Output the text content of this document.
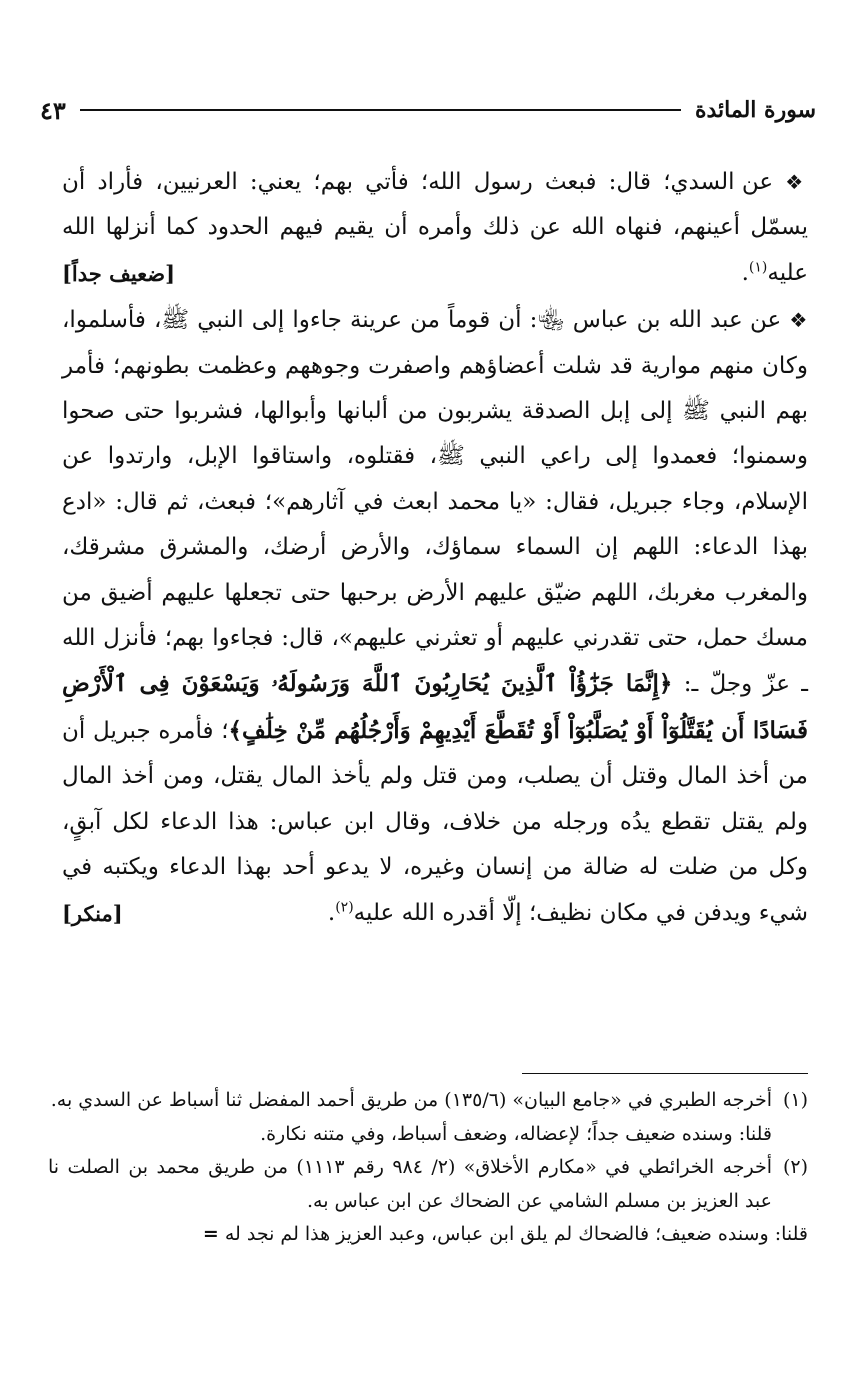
سورة المائدة
٤٣

❖ عن السدي؛ قال: فبعث رسول الله؛ فأتي بهم؛ يعني: العرنيين، فأراد أن يسمّل أعينهم، فنهاه الله عن ذلك وأمره أن يقيم فيهم الحدود كما أنزلها الله عليه$^{(١)}$.
[ضعيف جداً]

❖ عن عبد الله بن عباس ﵄: أن قوماً من عرينة جاءوا إلى النبي ﷺ، فأسلموا، وكان منهم موارية قد شلت أعضاؤهم واصفرت وجوههم وعظمت بطونهم؛ فأمر بهم النبي ﷺ إلى إبل الصدقة يشربون من ألبانها وأبوالها، فشربوا حتى صحوا وسمنوا؛ فعمدوا إلى راعي النبي ﷺ، فقتلوه، واستاقوا الإبل، وارتدوا عن الإسلام، وجاء جبريل، فقال: «يا محمد ابعث في آثارهم»؛ فبعث، ثم قال: «ادع بهذا الدعاء: اللهم إن السماء سماؤك، والأرض أرضك، والمشرق مشرقك، والمغرب مغربك، اللهم ضيّق عليهم الأرض برحبها حتى تجعلها عليهم أضيق من مسك حمل، حتى تقدرني عليهم أو تعثرني عليهم»، قال: فجاءوا بهم؛ فأنزل الله ـ عزّ وجلّ ـ: ﴿إِنَّمَا جَزَٰٓؤُاْ ٱلَّذِينَ يُحَارِبُونَ ٱللَّهَ وَرَسُولَهُۥ وَيَسْعَوْنَ فِى ٱلْأَرْضِ فَسَادًا أَن يُقَتَّلُوٓاْ أَوْ يُصَلَّبُوٓاْ أَوْ تُقَطَّعَ أَيْدِيهِمْ وَأَرْجُلُهُم مِّنْ خِلَٰفٍ﴾؛ فأمره جبريل أن من أخذ المال وقتل أن يصلب، ومن قتل ولم يأخذ المال يقتل، ومن أخذ المال ولم يقتل تقطع يدُه ورجله من خلاف، وقال ابن عباس: هذا الدعاء لكل آبقٍ، وكل من ضلت له ضالة من إنسان وغيره، لا يدعو أحد بهذا الدعاء ويكتبه في شيء ويدفن في مكان نظيف؛ إلّا أقدره الله عليه$^{(٢)}$.
[منكر]

(١)
أخرجه الطبري في «جامع البيان» (١٣٥/٦) من طريق أحمد المفضل ثنا أسباط عن السدي به.
قلنا: وسنده ضعيف جداً؛ لإعضاله، وضعف أسباط، وفي متنه نكارة.
(٢)
أخرجه الخرائطي في «مكارم الأخلاق» (٢/ ٩٨٤ رقم ١١١٣) من طريق محمد بن الصلت نا عبد العزيز بن مسلم الشامي عن الضحاك عن ابن عباس به.
قلنا: وسنده ضعيف؛ فالضحاك لم يلق ابن عباس، وعبد العزيز هذا لم نجد له =
